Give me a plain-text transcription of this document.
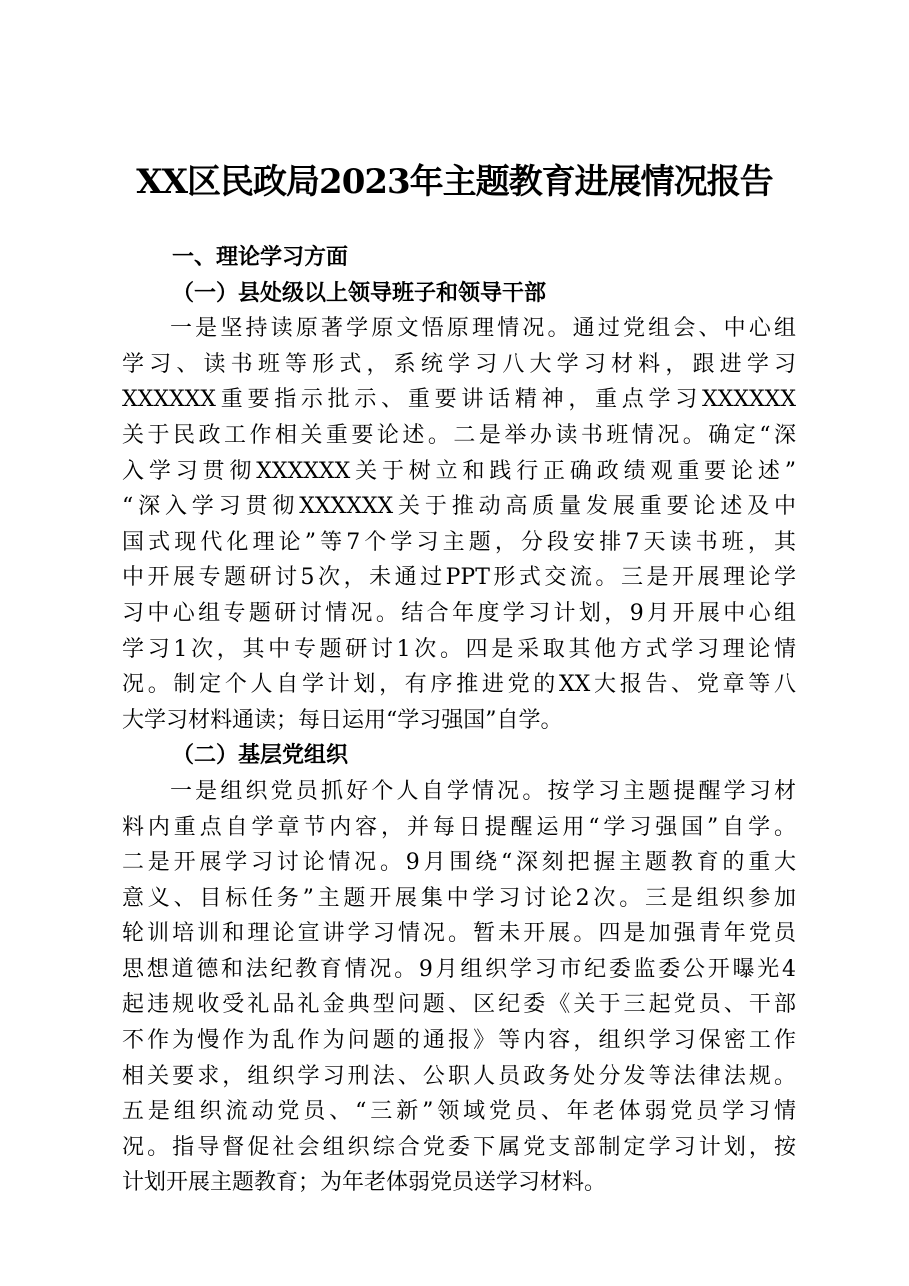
XX区民政局2023年主题教育进展情况报告

一、理论学习方面

（一）县处级以上领导班子和领导干部

一是坚持读原著学原文悟原理情况。通过党组会、中心组
学习、读书班等形式，系统学习八大学习材料，跟进学习
XXXXXX重要指示批示、重要讲话精神，重点学习XXXXXX
关于民政工作相关重要论述。二是举办读书班情况。确定“深
入学习贯彻XXXXXX关于树立和践行正确政绩观重要论述”
“深入学习贯彻XXXXXX关于推动高质量发展重要论述及中
国式现代化理论”等7个学习主题，分段安排7天读书班，其
中开展专题研讨5次，未通过PPT形式交流。三是开展理论学
习中心组专题研讨情况。结合年度学习计划，9月开展中心组
学习1次，其中专题研讨1次。四是采取其他方式学习理论情
况。制定个人自学计划，有序推进党的XX大报告、党章等八
大学习材料通读；每日运用“学习强国”自学。

（二）基层党组织

一是组织党员抓好个人自学情况。按学习主题提醒学习材
料内重点自学章节内容，并每日提醒运用“学习强国”自学。
二是开展学习讨论情况。9月围绕“深刻把握主题教育的重大
意义、目标任务”主题开展集中学习讨论2次。三是组织参加
轮训培训和理论宣讲学习情况。暂未开展。四是加强青年党员
思想道德和法纪教育情况。9月组织学习市纪委监委公开曝光4
起违规收受礼品礼金典型问题、区纪委《关于三起党员、干部
不作为慢作为乱作为问题的通报》等内容，组织学习保密工作
相关要求，组织学习刑法、公职人员政务处分发等法律法规。
五是组织流动党员、“三新”领域党员、年老体弱党员学习情
况。指导督促社会组织综合党委下属党支部制定学习计划，按
计划开展主题教育；为年老体弱党员送学习材料。
